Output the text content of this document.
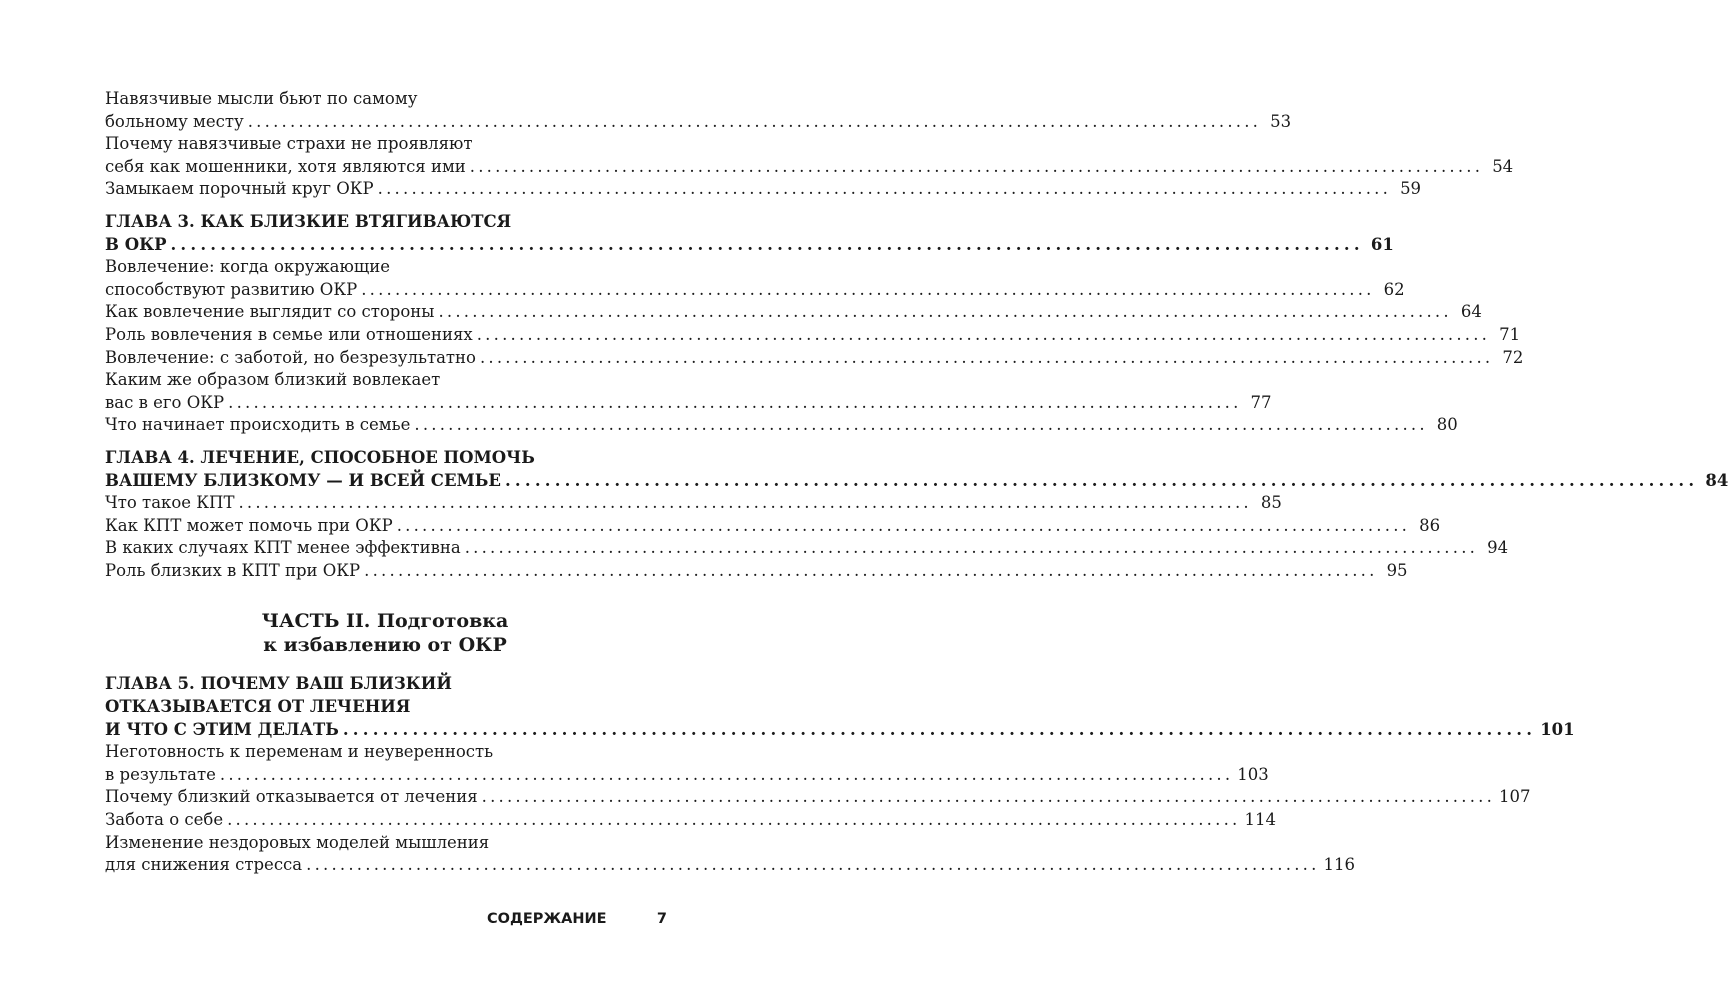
Навязчивые мысли бьют по самому
больному месту ........................................................................................................................ 53
Почему навязчивые страхи не проявляют
себя как мошенники, хотя являются ими ........................................................................................................................ 54
Замыкаем порочный круг ОКР ........................................................................................................................ 59
ГЛАВА 3. КАК БЛИЗКИЕ ВТЯГИВАЮТСЯ
В ОКР ........................................................................................................................ 61
Вовлечение: когда окружающие
способствуют развитию ОКР ........................................................................................................................ 62
Как вовлечение выглядит со стороны ........................................................................................................................ 64
Роль вовлечения в семье или отношениях ........................................................................................................................ 71
Вовлечение: с заботой, но безрезультатно ........................................................................................................................ 72
Каким же образом близкий вовлекает
вас в его ОКР ........................................................................................................................ 77
Что начинает происходить в семье ........................................................................................................................ 80
ГЛАВА 4. ЛЕЧЕНИЕ, СПОСОБНОЕ ПОМОЧЬ
ВАШЕМУ БЛИЗКОМУ — И ВСЕЙ СЕМЬЕ ........................................................................................................................ 84
Что такое КПТ ........................................................................................................................ 85
Как КПТ может помочь при ОКР ........................................................................................................................ 86
В каких случаях КПТ менее эффективна ........................................................................................................................ 94
Роль близких в КПТ при ОКР ........................................................................................................................ 95
ЧАСТЬ II. Подготовка
к избавлению от ОКР
ГЛАВА 5. ПОЧЕМУ ВАШ БЛИЗКИЙ
ОТКАЗЫВАЕТСЯ ОТ ЛЕЧЕНИЯ
И ЧТО С ЭТИМ ДЕЛАТЬ ........................................................................................................................ 101
Неготовность к переменам и неуверенность
в результате ........................................................................................................................ 103
Почему близкий отказывается от лечения ........................................................................................................................ 107
Забота о себе ........................................................................................................................ 114
Изменение нездоровых моделей мышления
для снижения стресса ........................................................................................................................ 116
СОДЕРЖАНИЕ	7
